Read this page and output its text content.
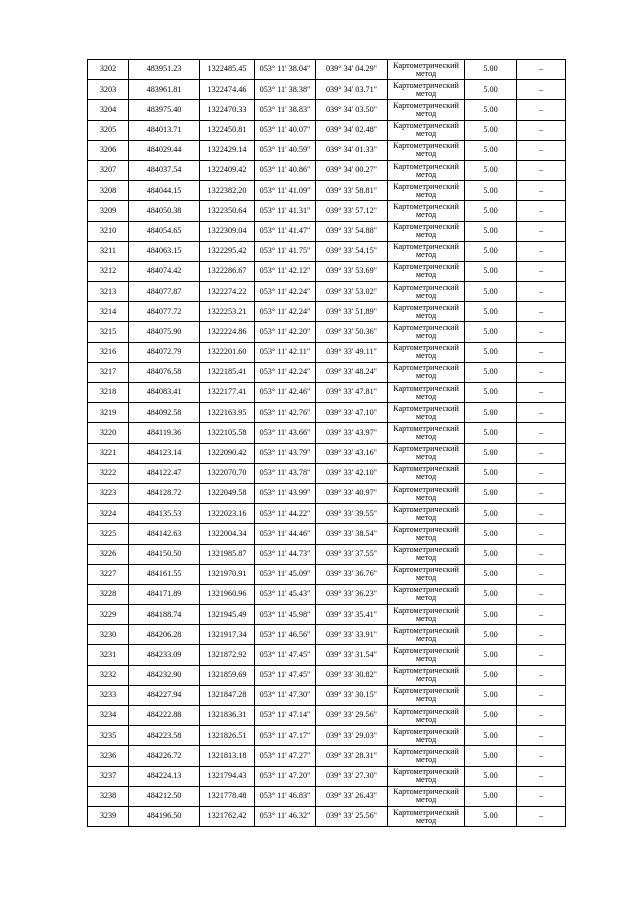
3202	483951.23	1322485.45	053° 11' 38.04"	039° 34' 04.29"	Картометрический метод	5.00	–
3203	483961.81	1322474.46	053° 11' 38.38"	039° 34' 03.71"	Картометрический метод	5.00	–
3204	483975.40	1322470.33	053° 11' 38.83"	039° 34' 03.50"	Картометрический метод	5.00	–
3205	484013.71	1322450.81	053° 11' 40.07"	039° 34' 02.48"	Картометрический метод	5.00	–
3206	484029.44	1322429.14	053° 11' 40.59"	039° 34' 01.33"	Картометрический метод	5.00	–
3207	484037.54	1322409.42	053° 11' 40.86"	039° 34' 00.27"	Картометрический метод	5.00	–
3208	484044.15	1322382.20	053° 11' 41.09"	039° 33' 58.81"	Картометрический метод	5.00	–
3209	484050.38	1322350.64	053° 11' 41.31"	039° 33' 57.12"	Картометрический метод	5.00	–
3210	484054.65	1322309.04	053° 11' 41.47"	039° 33' 54.88"	Картометрический метод	5.00	–
3211	484063.15	1322295.42	053° 11' 41.75"	039° 33' 54.15"	Картометрический метод	5.00	–
3212	484074.42	1322286.67	053° 11' 42.12"	039° 33' 53.69"	Картометрический метод	5.00	–
3213	484077.87	1322274.22	053° 11' 42.24"	039° 33' 53.02"	Картометрический метод	5.00	–
3214	484077.72	1322253.21	053° 11' 42.24"	039° 33' 51.89"	Картометрический метод	5.00	–
3215	484075.90	1322224.86	053° 11' 42.20"	039° 33' 50.36"	Картометрический метод	5.00	–
3216	484072.79	1322201.60	053° 11' 42.11"	039° 33' 49.11"	Картометрический метод	5.00	–
3217	484076.58	1322185.41	053° 11' 42.24"	039° 33' 48.24"	Картометрический метод	5.00	–
3218	484083.41	1322177.41	053° 11' 42.46"	039° 33' 47.81"	Картометрический метод	5.00	–
3219	484092.58	1322163.95	053° 11' 42.76"	039° 33' 47.10"	Картометрический метод	5.00	–
3220	484119.36	1322105.58	053° 11' 43.66"	039° 33' 43.97"	Картометрический метод	5.00	–
3221	484123.14	1322090.42	053° 11' 43.79"	039° 33' 43.16"	Картометрический метод	5.00	–
3222	484122.47	1322070.70	053° 11' 43.78"	039° 33' 42.10"	Картометрический метод	5.00	–
3223	484128.72	1322049.58	053° 11' 43.99"	039° 33' 40.97"	Картометрический метод	5.00	–
3224	484135.53	1322023.16	053° 11' 44.22"	039° 33' 39.55"	Картометрический метод	5.00	–
3225	484142.63	1322004.34	053° 11' 44.46"	039° 33' 38.54"	Картометрический метод	5.00	–
3226	484150.50	1321985.87	053° 11' 44.73"	039° 33' 37.55"	Картометрический метод	5.00	–
3227	484161.55	1321970.91	053° 11' 45.09"	039° 33' 36.76"	Картометрический метод	5.00	–
3228	484171.89	1321960.96	053° 11' 45.43"	039° 33' 36.23"	Картометрический метод	5.00	–
3229	484188.74	1321945.49	053° 11' 45.98"	039° 33' 35.41"	Картометрический метод	5.00	–
3230	484206.28	1321917.34	053° 11' 46.56"	039° 33' 33.91"	Картометрический метод	5.00	–
3231	484233.09	1321872.92	053° 11' 47.45"	039° 33' 31.54"	Картометрический метод	5.00	–
3232	484232.90	1321859.69	053° 11' 47.45"	039° 33' 30.82"	Картометрический метод	5.00	–
3233	484227.94	1321847.28	053° 11' 47.30"	039° 33' 30.15"	Картометрический метод	5.00	–
3234	484222.88	1321836.31	053° 11' 47.14"	039° 33' 29.56"	Картометрический метод	5.00	–
3235	484223.58	1321826.51	053° 11' 47.17"	039° 33' 29.03"	Картометрический метод	5.00	–
3236	484226.72	1321813.18	053° 11' 47.27"	039° 33' 28.31"	Картометрический метод	5.00	–
3237	484224.13	1321794.43	053° 11' 47.20"	039° 33' 27.30"	Картометрический метод	5.00	–
3238	484212.50	1321778.48	053° 11' 46.83"	039° 33' 26.43"	Картометрический метод	5.00	–
3239	484196.50	1321762.42	053° 11' 46.32"	039° 33' 25.56"	Картометрический метод	5.00	–
